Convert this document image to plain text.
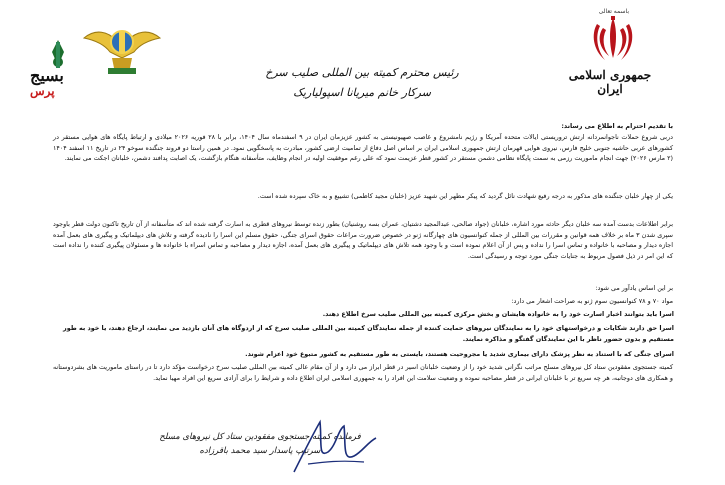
باسمه تعالی
جمهوری اسلامی ایران
رئیس محترم کمیته بین المللی صلیب سرخ
سرکار خانم میریانا اسپولیاریک
بسیج
پرس
با تقدیم احترام به اطلاع می رساند:
دربی شروع حملات ناجوانمردانه ارتش تروریستی ایالات متحده آمریکا و رژیم نامشروع و غاصب صهیونیستی به کشور عزیزمان ایران در ۹ اسفندماه سال ۱۴۰۴، برابر با ۲۸ فوریه ۲۰۲۶ میلادی و ارتباط پایگاه های هوایی مستقر در کشورهای عربی حاشیه جنوبی خلیج فارس، نیروی هوایی قهرمان ارتش جمهوری اسلامی ایران بر اساس اصل دفاع از تمامیت ارضی کشور، مبادرت به پاسخگویی نمود. در همین راستا دو فروند جنگنده سوخو ۲۴ در تاریخ ۱۱ اسفند ۱۴۰۴ (۲ مارس ۲۰۲۶) جهت انجام ماموریت رزمی به سمت پایگاه نظامی دشمن مستقر در کشور قطر عزیمت نمود که علی رغم موفقیت اولیه در انجام وظایف، متأسفانه هنگام بازگشت، یک اصابت پدافند دشمن، خلبانان اجکت می نمایند.
یکی از چهار خلبان جنگنده های مذکور به درجه رفیع شهادت نائل گردید که پیکر مطهر این شهید عزیز (خلبان مجید کاظمی) تشییع و به خاک سپرده شده است.
برابر اطلاعات بدست آمده سه خلبان دیگر حادثه مورد اشاره، خلبانان (جواد صالحی، عبدالمجید دشتیان، عمران بسه روشنیان) بطور زنده توسط نیروهای قطری به اسارت گرفته شده اند که متأسفانه از آن تاریخ تاکنون دولت قطر باوجود سپری شدن ۳ ماه بر خلاف همه قوانین و مقررات بین المللی از جمله کنوانسیون های چهارگانه ژنو در خصوص ضرورت مراعات حقوق اسرای جنگی، حقوق مسلم این اسرا را نادیده گرفته و تلاش های دیپلماتیک و پیگیری های بعمل آمده اجازه دیدار و مصاحبه با خانواده و تماس اسرا را نداده و پس از آن اعلام نموده است و با وجود همه تلاش های دیپلماتیک و پیگیری های بعمل آمده، اجازه دیدار و مصاحبه و تماس اسراء با خانواده ها و مسئولان پیگیری کننده را نداده است که این امر در ذیل فصول مربوط به جنایات جنگی مورد توجه و رسیدگی است.
بر این اساس یادآور می شود:
مواد ۷۰ و ۷۸ کنوانسیون سوم ژنو به صراحت اشعار می دارد:
اسرا باید بتوانند اخبار اسارت خود را به خانواده هایشان و بخش مرکزی کمیته بین المللی صلیب سرخ اطلاع دهند.
اسرا حق دارند شکایات و درخواستهای خود را به نمایندگان نیروهای حمایت کننده از جمله نمایندگان کمیته بین المللی صلیب سرخ که از اردوگاه های آنان بازدید می نمایند، ارجاع دهند، یا خود به طور مستقیم و بدون حضور ناظر با این نمایندگان گفتگو و مذاکره نمایند.
اسرای جنگی که با استناد به نظر پزشک دارای بیماری شدید یا مجروحیت هستند، بایستی به طور مستقیم به کشور متبوع خود اعزام شوند.
کمیته جستجوی مفقودین ستاد کل نیروهای مسلح مراتب نگرانی شدید خود را از وضعیت خلبانان اسیر در قطر ابراز می دارد و از آن مقام عالی کمیته بین المللی صلیب سرخ درخواست مؤکد دارد تا در راستای ماموریت های بشردوستانه و همکاری های دوجانبه، هر چه سریع تر با خلبانان ایرانی در قطر مصاحبه نموده و وضعیت سلامت این افراد را به جمهوری اسلامی ایران اطلاع داده و شرایط را برای آزادی سریع این افراد مهیا نماید.
فرمانده کمیته جستجوی مفقودین ستاد کل نیروهای مسلح
سرتیپ پاسدار سید محمد باقرزاده
